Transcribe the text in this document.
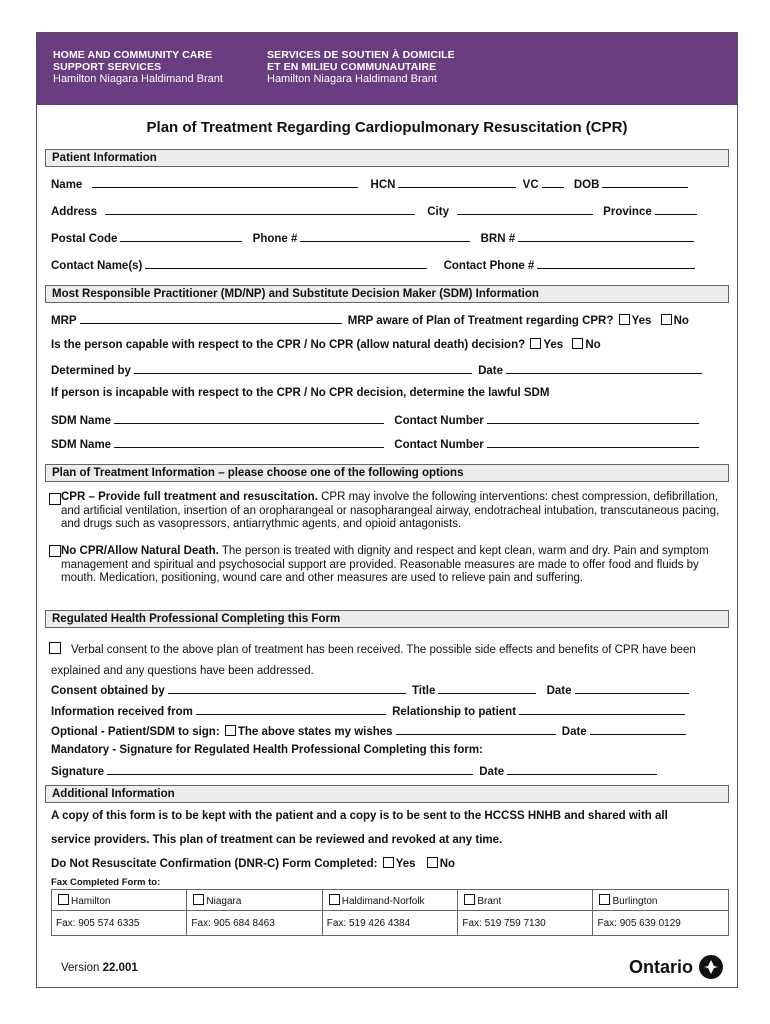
HOME AND COMMUNITY CARE
SUPPORT SERVICES
Hamilton Niagara Haldimand Brant
SERVICES DE SOUTIEN À DOMICILE
ET EN MILIEU COMMUNAUTAIRE
Hamilton Niagara Haldimand Brant
Plan of Treatment Regarding Cardiopulmonary Resuscitation (CPR)
Patient Information
Name	HCN	VC	DOB
Address	City	Province
Postal Code	Phone #	BRN #
Contact Name(s)	Contact Phone #
Most Responsible Practitioner (MD/NP) and Substitute Decision Maker (SDM) Information
MRP	MRP aware of Plan of Treatment regarding CPR? Yes No
Is the person capable with respect to the CPR / No CPR (allow natural death) decision? Yes No
Determined by	Date
If person is incapable with respect to the CPR / No CPR decision, determine the lawful SDM
SDM Name	Contact Number
SDM Name	Contact Number
Plan of Treatment Information – please choose one of the following options
CPR – Provide full treatment and resuscitation. CPR may involve the following interventions: chest compression, defibrillation, and artificial ventilation, insertion of an oropharangeal or nasopharangeal airway, endotracheal intubation, transcutaneous pacing, and drugs such as vasopressors, antiarrythmic agents, and opioid antagonists.
No CPR/Allow Natural Death. The person is treated with dignity and respect and kept clean, warm and dry. Pain and symptom management and spiritual and psychosocial support are provided. Reasonable measures are made to offer food and fluids by mouth. Medication, positioning, wound care and other measures are used to relieve pain and suffering.
Regulated Health Professional Completing this Form
Verbal consent to the above plan of treatment has been received. The possible side effects and benefits of CPR have been explained and any questions have been addressed.
Consent obtained by	Title	Date
Information received from	Relationship to patient
Optional - Patient/SDM to sign: The above states my wishes	Date
Mandatory - Signature for Regulated Health Professional Completing this form:
Signature	Date
Additional Information
A copy of this form is to be kept with the patient and a copy is to be sent to the HCCSS HNHB and shared with all
service providers. This plan of treatment can be reviewed and revoked at any time.
Do Not Resuscitate Confirmation (DNR-C) Form Completed: Yes No
Fax Completed Form to:
Hamilton	Niagara	Haldimand-Norfolk	Brant	Burlington
Fax: 905 574 6335	Fax: 905 684 8463	Fax: 519 426 4384	Fax: 519 759 7130	Fax: 905 639 0129
Version 22.001	Ontario
